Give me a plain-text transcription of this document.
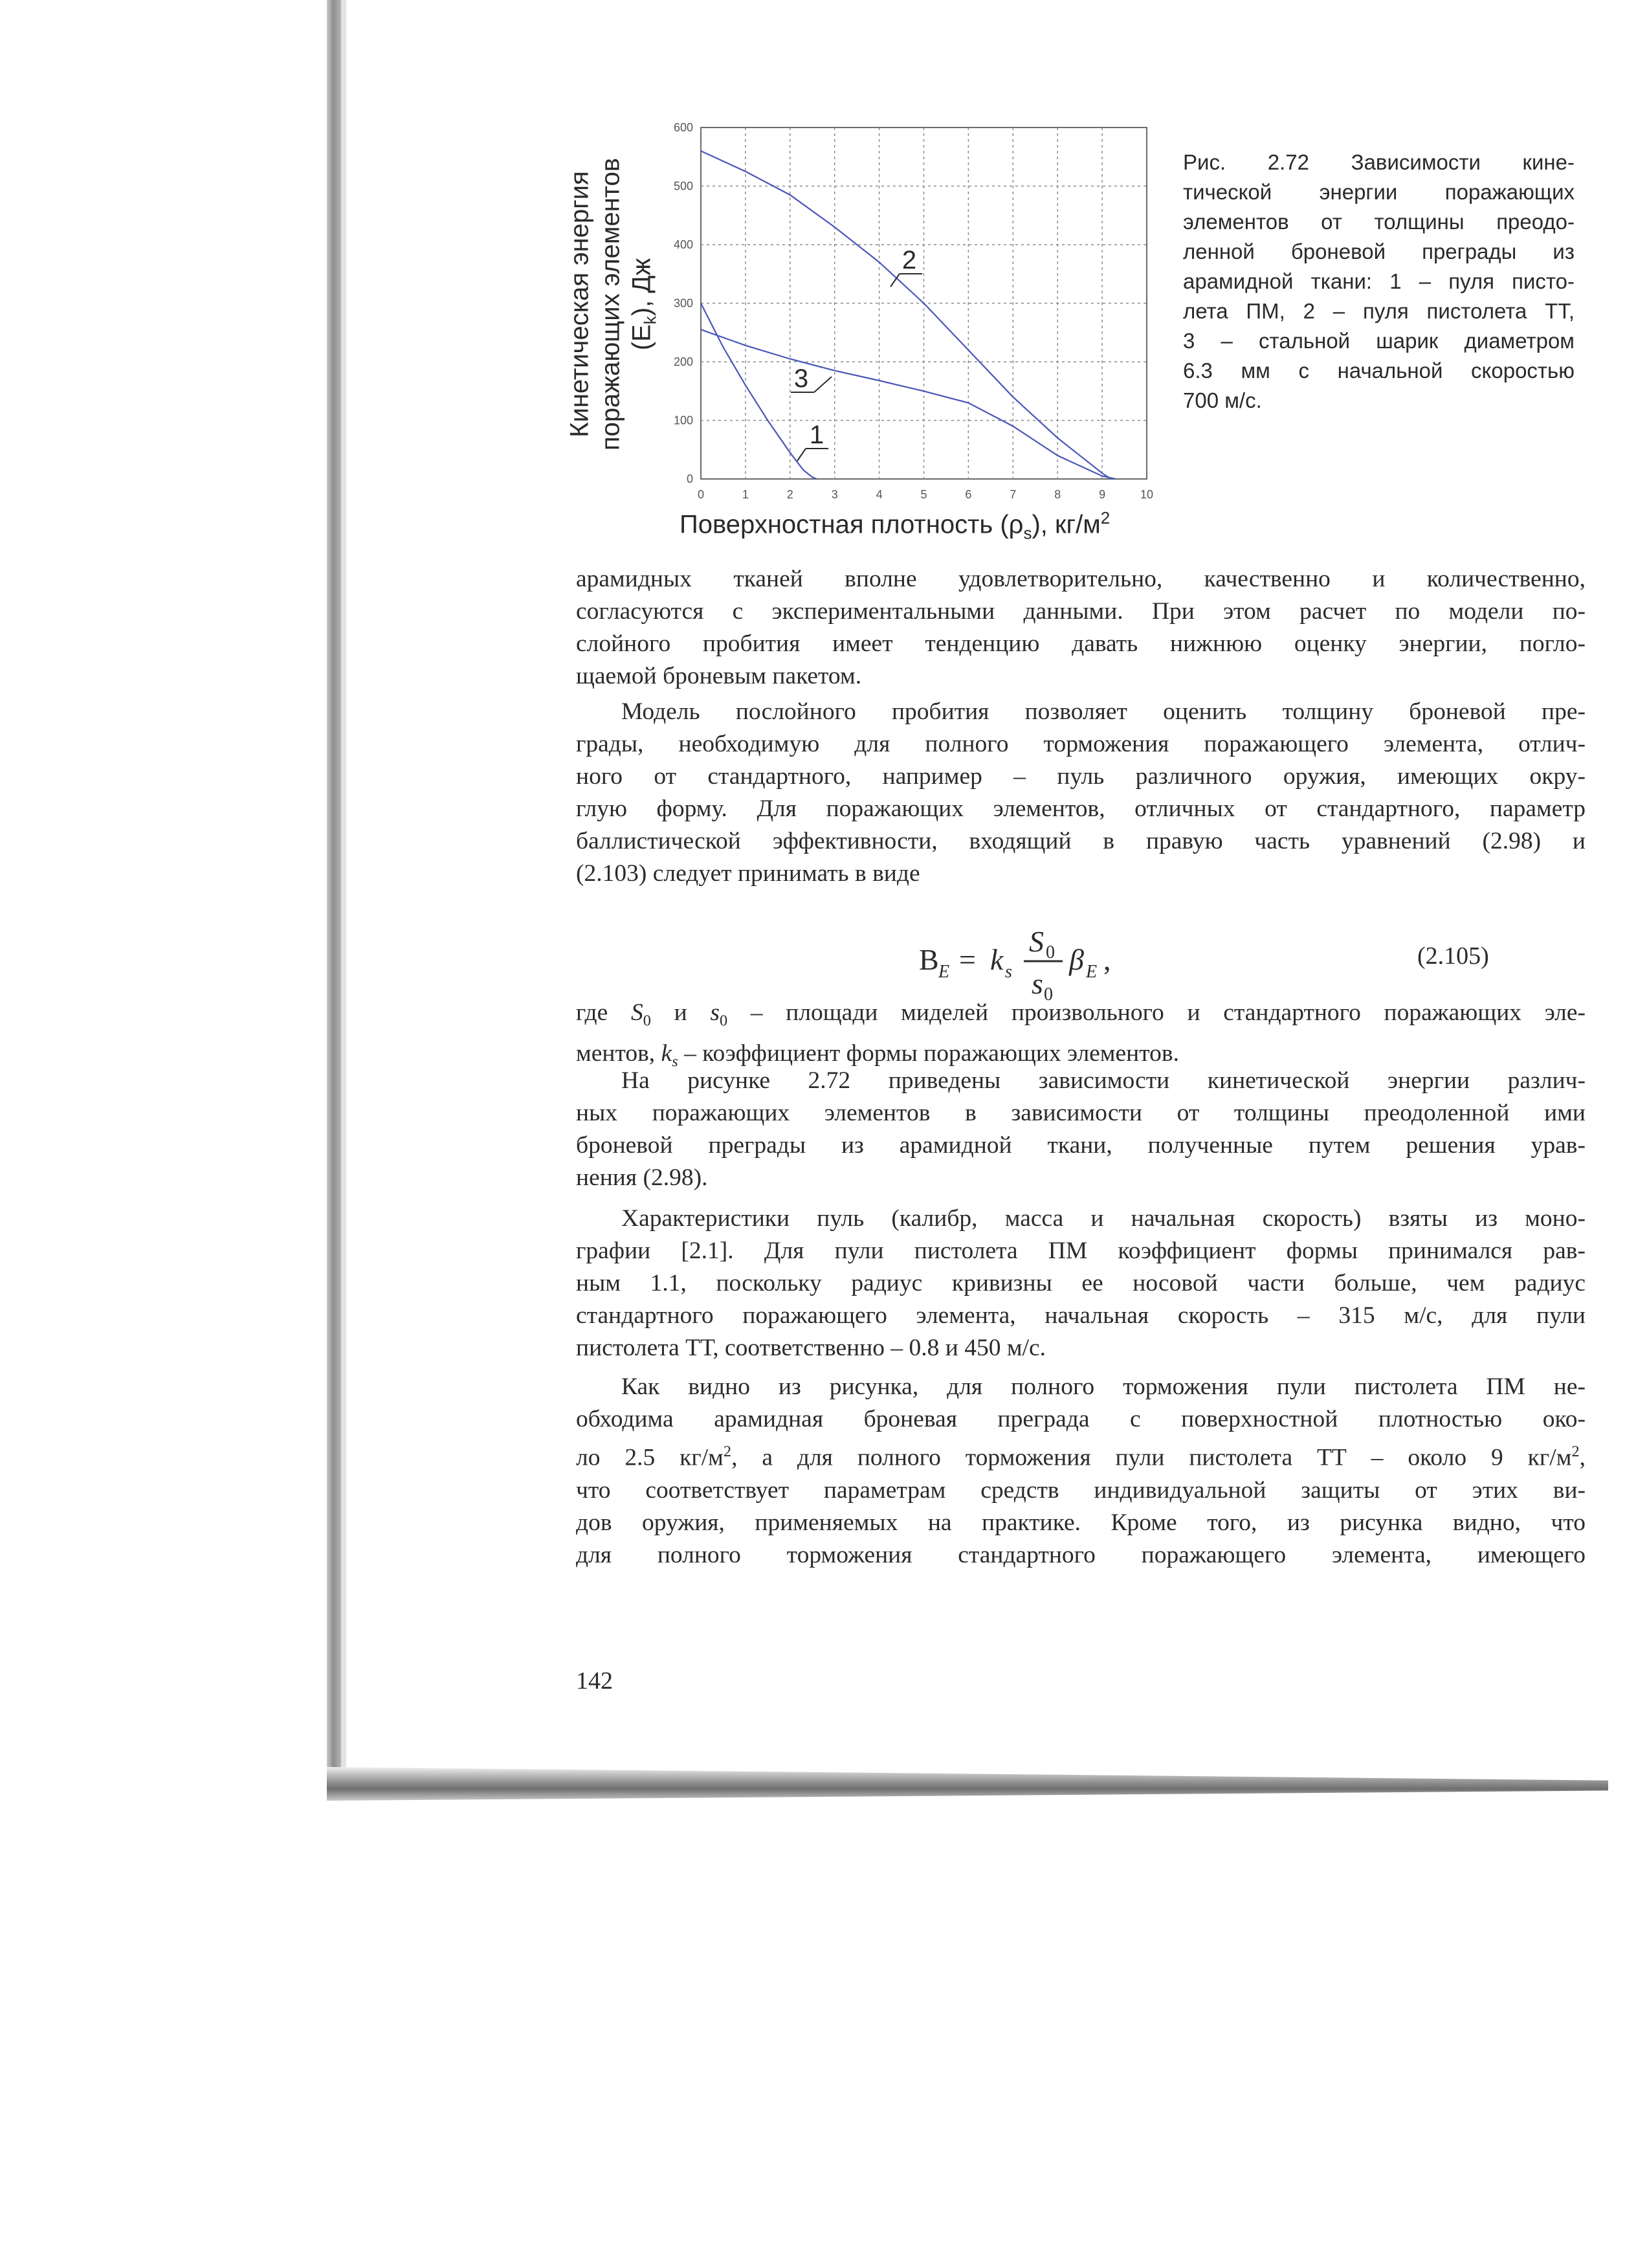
Кинетическая энергия поражающих элементов $(E_k)$, Дж
0	1	2	3	4	5	6	7	8	9	10
0
100
200
300
400
500
600
1
2
3
Поверхностная плотность $(\rho_s)$, $кг/м^2$
Рис. 2.72 Зависимости кине-
тической энергии поражающих
элементов от толщины преодо-
ленной броневой преграды из
арамидной ткани: 1 – пуля писто-
лета ПМ, 2 – пуля пистолета ТТ,
3 – стальной шарик диаметром
6.3 мм с начальной скоростью
700 м/с.
арамидных тканей вполне удовлетворительно, качественно и количественно,
согласуются с экспериментальными данными. При этом расчет по модели по-
слойного пробития имеет тенденцию давать нижнюю оценку энергии, погло-
щаемой броневым пакетом.
Модель послойного пробития позволяет оценить толщину броневой пре-
грады, необходимую для полного торможения поражающего элемента, отлич-
ного от стандартного, например – пуль различного оружия, имеющих окру-
глую форму. Для поражающих элементов, отличных от стандартного, параметр
баллистической эффективности, входящий в правую часть уравнений (2.98) и
(2.103) следует принимать в виде
B E = k s
S 0
s 0
β E ,	(2.105)
где $S_0$ и $s_0$ – площади миделей произвольного и стандартного поражающих эле-
ментов, $k_s$ – коэффициент формы поражающих элементов.
На рисунке 2.72 приведены зависимости кинетической энергии различ-
ных поражающих элементов в зависимости от толщины преодоленной ими
броневой преграды из арамидной ткани, полученные путем решения урав-
нения (2.98).
Характеристики пуль (калибр, масса и начальная скорость) взяты из моно-
графии [2.1]. Для пули пистолета ПМ коэффициент формы принимался рав-
ным 1.1, поскольку радиус кривизны ее носовой части больше, чем радиус
стандартного поражающего элемента, начальная скорость – 315 м/с, для пули
пистолета ТТ, соответственно – 0.8 и 450 м/с.
Как видно из рисунка, для полного торможения пули пистолета ПМ не-
обходима арамидная броневая преграда с поверхностной плотностью око-
ло 2.5 $кг/м^2$, а для полного торможения пули пистолета ТТ – около 9 $кг/м^2$,
что соответствует параметрам средств индивидуальной защиты от этих ви-
дов оружия, применяемых на практике. Кроме того, из рисунка видно, что
для полного торможения стандартного поражающего элемента, имеющего
142
